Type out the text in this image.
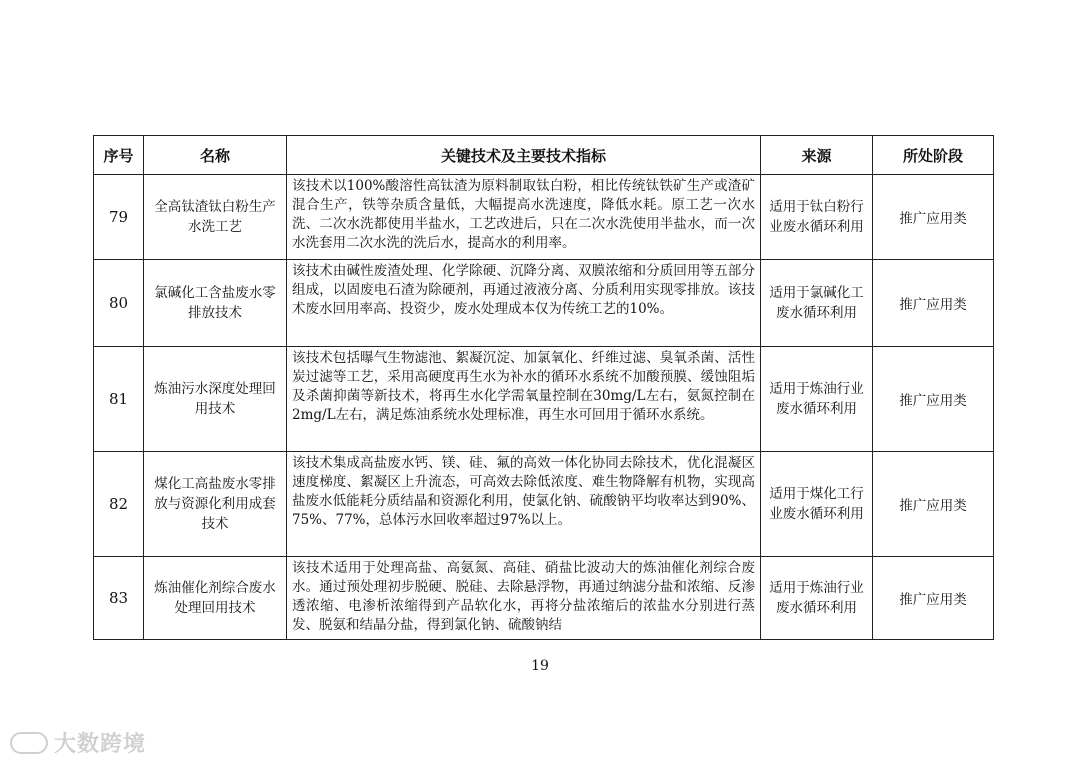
序号	名称	关键技术及主要技术指标	来源	所处阶段
79	全高钛渣钛白粉生产水洗工艺	该技术以100%酸溶性高钛渣为原料制取钛白粉，相比传统钛铁矿生产或渣矿混合生产，铁等杂质含量低，大幅提高水洗速度，降低水耗。原工艺一次水洗、二次水洗都使用半盐水，工艺改进后，只在二次水洗使用半盐水，而一次水洗套用二次水洗的洗后水，提高水的利用率。	适用于钛白粉行业废水循环利用	推广应用类
80	氯碱化工含盐废水零排放技术	该技术由碱性废渣处理、化学除硬、沉降分离、双膜浓缩和分质回用等五部分组成，以固废电石渣为除硬剂，再通过液液分离、分质利用实现零排放。该技术废水回用率高、投资少，废水处理成本仅为传统工艺的10%。	适用于氯碱化工废水循环利用	推广应用类
81	炼油污水深度处理回用技术	该技术包括曝气生物滤池、絮凝沉淀、加氯氧化、纤维过滤、臭氧杀菌、活性炭过滤等工艺，采用高硬度再生水为补水的循环水系统不加酸预膜、缓蚀阻垢及杀菌抑菌等新技术，将再生水化学需氧量控制在30mg/L左右，氨氮控制在2mg/L左右，满足炼油系统水处理标准，再生水可回用于循环水系统。	适用于炼油行业废水循环利用	推广应用类
82	煤化工高盐废水零排放与资源化利用成套技术	该技术集成高盐废水钙、镁、硅、氟的高效一体化协同去除技术，优化混凝区速度梯度、絮凝区上升流态，可高效去除低浓度、难生物降解有机物，实现高盐废水低能耗分质结晶和资源化利用，使氯化钠、硫酸钠平均收率达到90%、75%、77%，总体污水回收率超过97%以上。	适用于煤化工行业废水循环利用	推广应用类
83	炼油催化剂综合废水处理回用技术	该技术适用于处理高盐、高氨氮、高硅、硝盐比波动大的炼油催化剂综合废水。通过预处理初步脱硬、脱硅、去除悬浮物，再通过纳滤分盐和浓缩、反渗透浓缩、电渗析浓缩得到产品软化水，再将分盐浓缩后的浓盐水分别进行蒸发、脱氨和结晶分盐，得到氯化钠、硫酸钠结	适用于炼油行业废水循环利用	推广应用类
19
大数跨境
